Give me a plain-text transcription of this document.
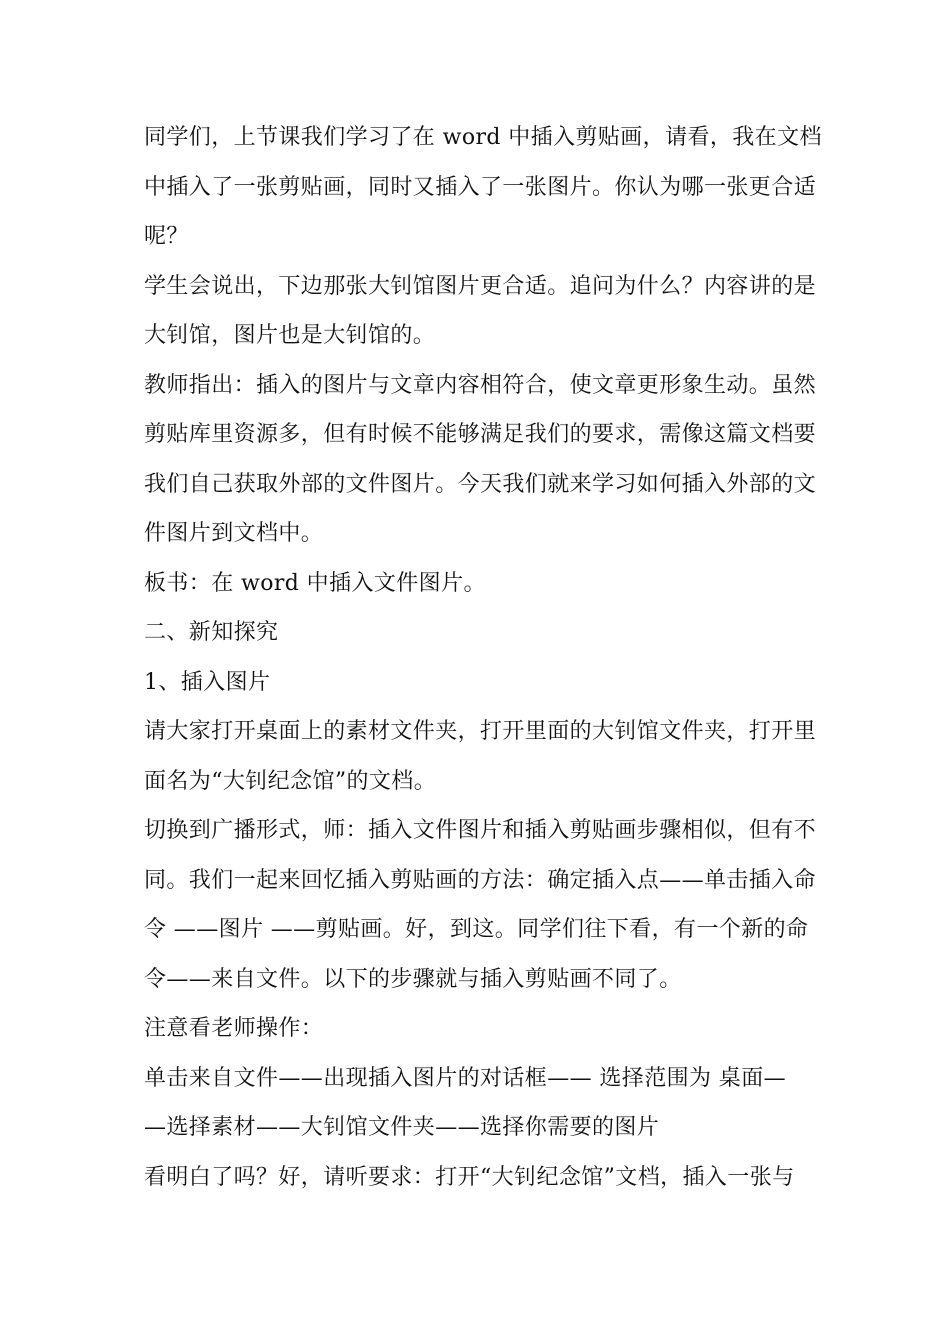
同学们，上节课我们学习了在 word 中插入剪贴画，请看，我在文档
中插入了一张剪贴画，同时又插入了一张图片。你认为哪一张更合适
呢？
学生会说出，下边那张大钊馆图片更合适。追问为什么？内容讲的是
大钊馆，图片也是大钊馆的。
教师指出：插入的图片与文章内容相符合，使文章更形象生动。虽然
剪贴库里资源多，但有时候不能够满足我们的要求，需像这篇文档要
我们自己获取外部的文件图片。今天我们就来学习如何插入外部的文
件图片到文档中。
板书：在 word 中插入文件图片。
二、新知探究
1、插入图片
请大家打开桌面上的素材文件夹，打开里面的大钊馆文件夹，打开里
面名为“大钊纪念馆”的文档。
切换到广播形式，师：插入文件图片和插入剪贴画步骤相似，但有不
同。我们一起来回忆插入剪贴画的方法：确定插入点——单击插入命
令 ——图片 ——剪贴画。好，到这。同学们往下看，有一个新的命
令——来自文件。以下的步骤就与插入剪贴画不同了。
注意看老师操作：
单击来自文件——出现插入图片的对话框—— 选择范围为 桌面—
—选择素材——大钊馆文件夹——选择你需要的图片
看明白了吗？好，请听要求：打开“大钊纪念馆”文档，插入一张与
